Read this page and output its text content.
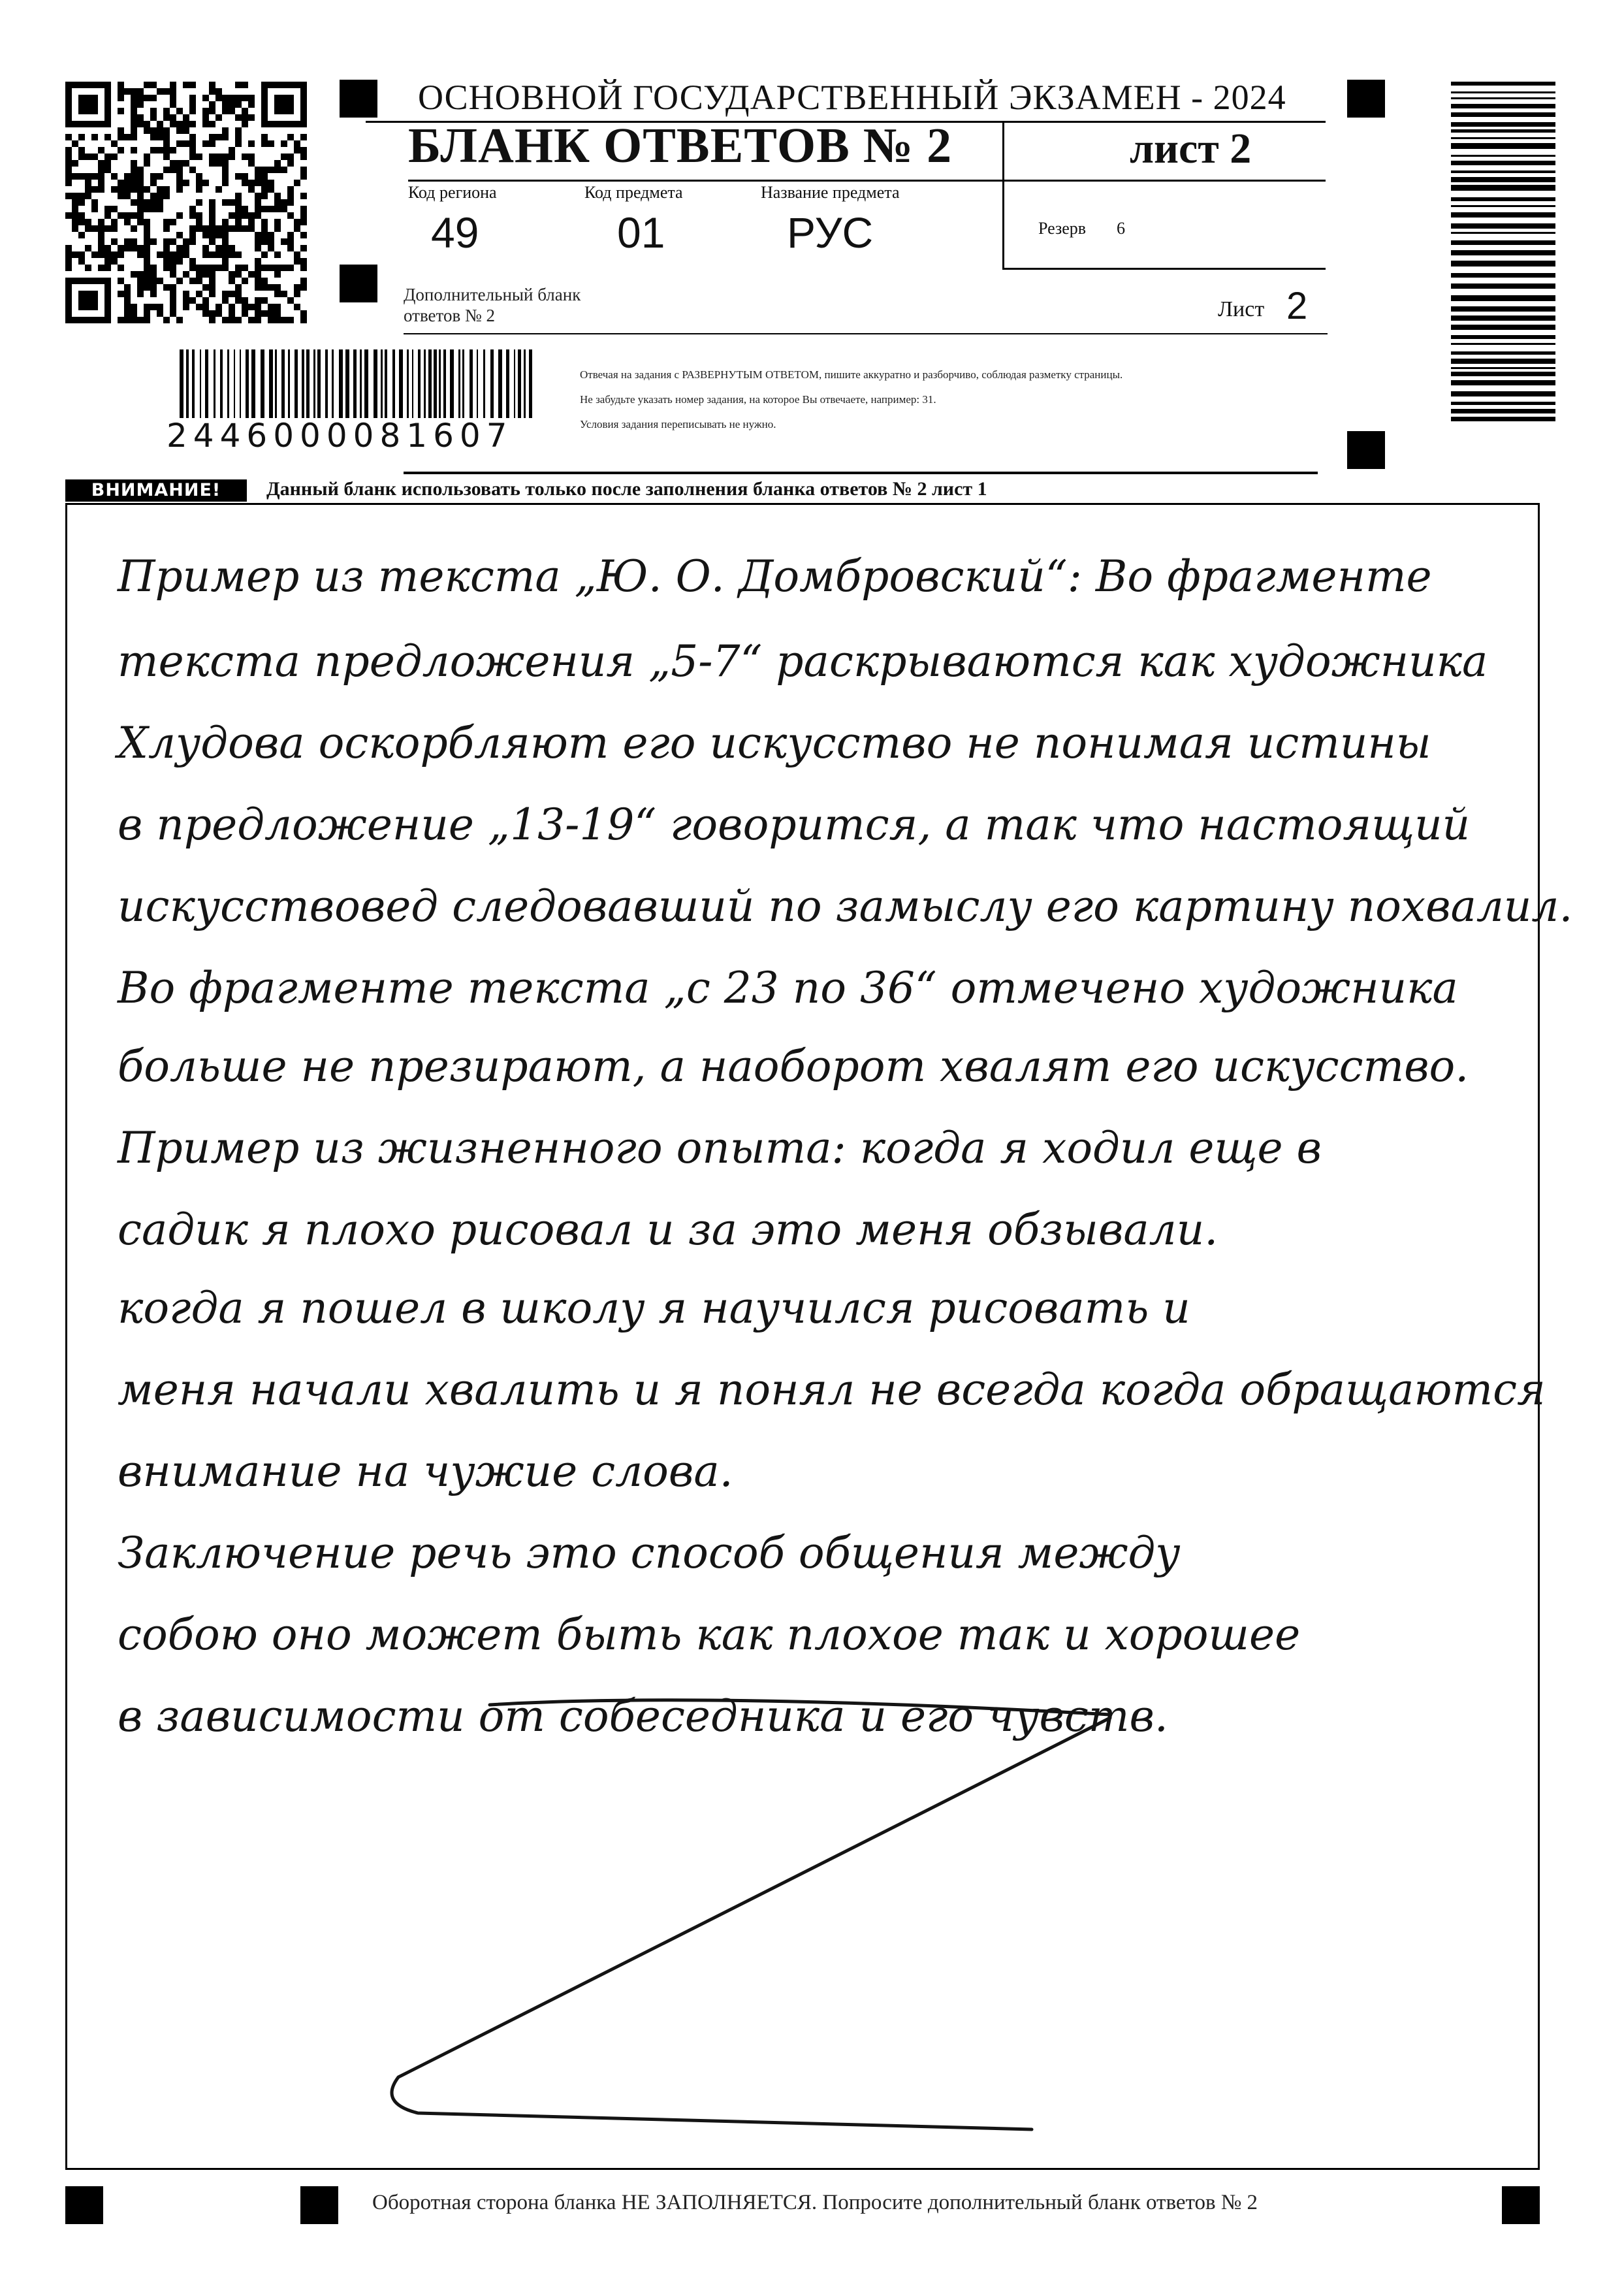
ОСНОВНОЙ ГОСУДАРСТВЕННЫЙ ЭКЗАМЕН - 2024
БЛАНК ОТВЕТОВ № 2	лист 2
Код региона
49
Код предмета
01
Название предмета
РУС	Резерв 6
Дополнительный бланк ответов № 2	Лист 2
2446000081607
Отвечая на задания с РАЗВЕРНУТЫМ ОТВЕТОМ, пишите аккуратно и разборчиво, соблюдая разметку страницы.
Не забудьте указать номер задания, на которое Вы отвечаете, например: 31.
Условия задания переписывать не нужно.
ВНИМАНИЕ!	Данный бланк использовать только после заполнения бланка ответов № 2 лист 1
Пример из текста „Ю. О. Домбровский“: Во фрагменте
текста предложения „5-7“ раскрываются как художника
Хлудова оскорбляют его искусство не понимая истины
в предложение „13-19“ говорится, а так что настоящий
искусствовед следовавший по замыслу его картину похвалил.
Во фрагменте текста „с 23 по 36“ отмечено художника
больше не презирают, а наоборот хвалят его искусство.
Пример из жизненного опыта: когда я ходил еще в
садик я плохо рисовал и за это меня обзывали.
когда я пошел в школу я научился рисовать и
меня начали хвалить и я понял не всегда когда обращаются
внимание на чужие слова.
Заключение речь это способ общения между
собою оно может быть как плохое так и хорошее
в зависимости от собеседника и его чувств.
Оборотная сторона бланка НЕ ЗАПОЛНЯЕТСЯ. Попросите дополнительный бланк ответов № 2
